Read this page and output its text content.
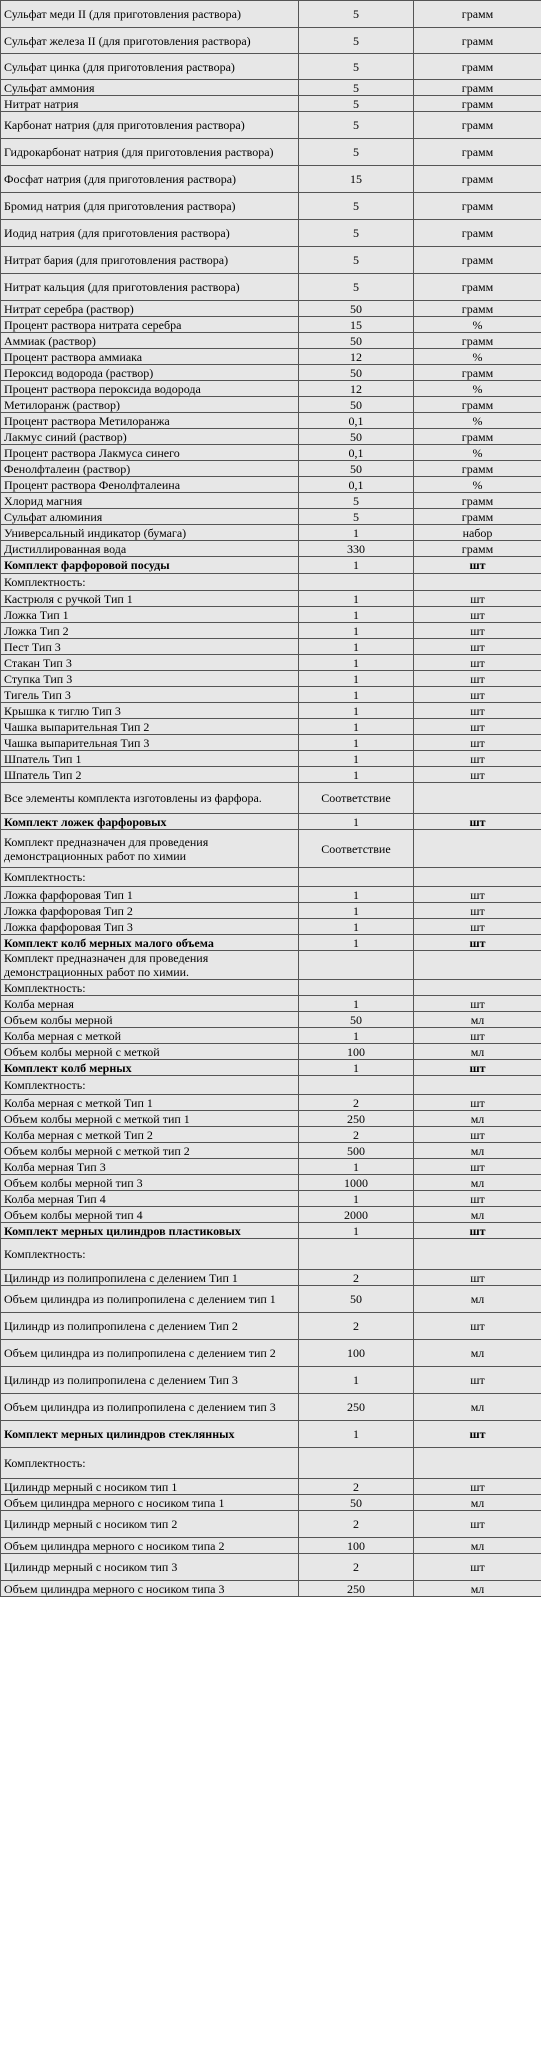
Сульфат меди II (для приготовления раствора)	5	грамм
Сульфат железа II (для приготовления раствора)	5	грамм
Сульфат цинка (для приготовления раствора)	5	грамм
Сульфат аммония	5	грамм
Нитрат натрия	5	грамм
Карбонат натрия (для приготовления раствора)	5	грамм
Гидрокарбонат натрия (для приготовления раствора)	5	грамм
Фосфат натрия (для приготовления раствора)	15	грамм
Бромид натрия (для приготовления раствора)	5	грамм
Иодид натрия (для приготовления раствора)	5	грамм
Нитрат бария (для приготовления раствора)	5	грамм
Нитрат кальция (для приготовления раствора)	5	грамм
Нитрат серебра (раствор)	50	грамм
Процент раствора нитрата серебра	15	%
Аммиак (раствор)	50	грамм
Процент раствора аммиака	12	%
Пероксид водорода (раствор)	50	грамм
Процент раствора пероксида водорода	12	%
Метилоранж (раствор)	50	грамм
Процент раствора Метилоранжа	0,1	%
Лакмус синий (раствор)	50	грамм
Процент раствора Лакмуса синего	0,1	%
Фенолфталеин (раствор)	50	грамм
Процент раствора Фенолфталеина	0,1	%
Хлорид магния	5	грамм
Сульфат алюминия	5	грамм
Универсальный индикатор (бумага)	1	набор
Дистиллированная вода	330	грамм
Комплект фарфоровой посуды	1	шт
Комплектность:		
Кастрюля с ручкой Тип 1	1	шт
Ложка Тип 1	1	шт
Ложка Тип 2	1	шт
Пест Тип 3	1	шт
Стакан Тип 3	1	шт
Ступка Тип 3	1	шт
Тигель Тип 3	1	шт
Крышка к тиглю Тип 3	1	шт
Чашка выпарительная Тип 2	1	шт
Чашка выпарительная Тип 3	1	шт
Шпатель Тип 1	1	шт
Шпатель Тип 2	1	шт
Все элементы комплекта изготовлены из фарфора.	Соответствие	
Комплект ложек фарфоровых	1	шт
Комплект предназначен для проведения демонстрационных работ по химии	Соответствие	
Комплектность:		
Ложка фарфоровая Тип 1	1	шт
Ложка фарфоровая Тип 2	1	шт
Ложка фарфоровая Тип 3	1	шт
Комплект колб мерных малого объема	1	шт
Комплект предназначен для проведения демонстрационных работ по химии.		
Комплектность:		
Колба мерная	1	шт
Объем колбы мерной	50	мл
Колба мерная с меткой	1	шт
Объем колбы мерной с меткой	100	мл
Комплект колб мерных	1	шт
Комплектность:		
Колба мерная с меткой Тип 1	2	шт
Объем колбы мерной с меткой тип 1	250	мл
Колба мерная с меткой Тип 2	2	шт
Объем колбы мерной с меткой тип 2	500	мл
Колба мерная Тип 3	1	шт
Объем колбы мерной тип 3	1000	мл
Колба мерная Тип 4	1	шт
Объем колбы мерной тип 4	2000	мл
Комплект мерных цилиндров пластиковых	1	шт
Комплектность:		
Цилиндр из полипропилена с делением Тип 1	2	шт
Объем цилиндра из полипропилена с делением тип 1	50	мл
Цилиндр из полипропилена с делением Тип 2	2	шт
Объем цилиндра из полипропилена с делением тип 2	100	мл
Цилиндр из полипропилена с делением Тип 3	1	шт
Объем цилиндра из полипропилена с делением тип 3	250	мл
Комплект мерных цилиндров стеклянных	1	шт
Комплектность:		
Цилиндр мерный с носиком тип 1	2	шт
Объем цилиндра мерного с носиком типа 1	50	мл
Цилиндр мерный с носиком тип 2	2	шт
Объем цилиндра мерного с носиком типа 2	100	мл
Цилиндр мерный с носиком тип 3	2	шт
Объем цилиндра мерного с носиком типа 3	250	мл
